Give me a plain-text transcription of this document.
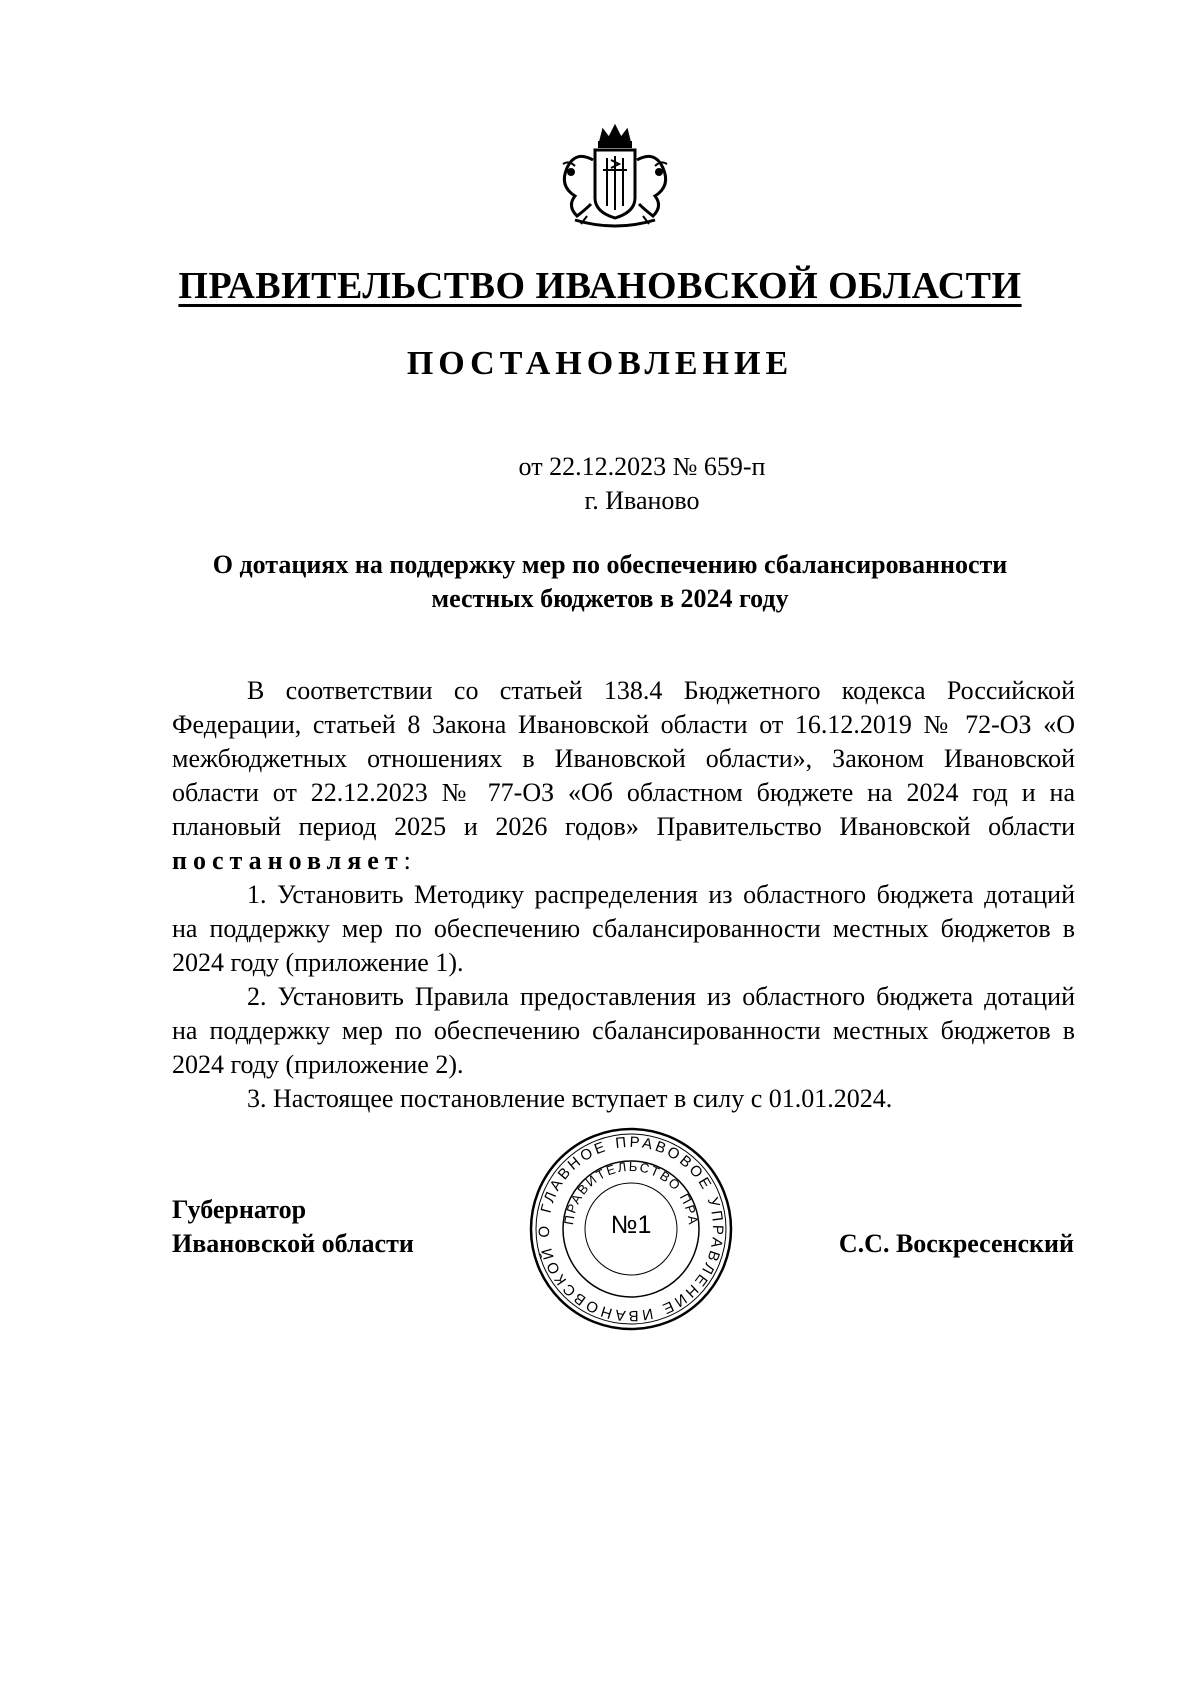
ПРАВИТЕЛЬСТВО ИВАНОВСКОЙ ОБЛАСТИ
ПОСТАНОВЛЕНИЕ
от 22.12.2023 № 659-п
г. Иваново
О дотациях на поддержку мер по обеспечению сбалансированности
местных бюджетов в 2024 году

В соответствии со статьей 138.4 Бюджетного кодекса Российской Федерации, статьей 8 Закона Ивановской области от 16.12.2019 № 72-ОЗ «О межбюджетных отношениях в Ивановской области», Законом Ивановской области от 22.12.2023 № 77-ОЗ «Об областном бюджете на 2024 год и на плановый период 2025 и 2026 годов» Правительство Ивановской области постановляет:

1. Установить Методику распределения из областного бюджета дотаций на поддержку мер по обеспечению сбалансированности местных бюджетов в 2024 году (приложение 1).

2. Установить Правила предоставления из областного бюджета дотаций на поддержку мер по обеспечению сбалансированности местных бюджетов в 2024 году (приложение 2).

3. Настоящее постановление вступает в силу с 01.01.2024.

Губернатор
Ивановской области
ГЛАВНОЕ ПРАВОВОЕ УПРАВЛЕНИЕ ИВАНОВСКОЙ О
ПРАВИТЕЛЬСТВО ПРА
№1
С.С. Воскресенский
